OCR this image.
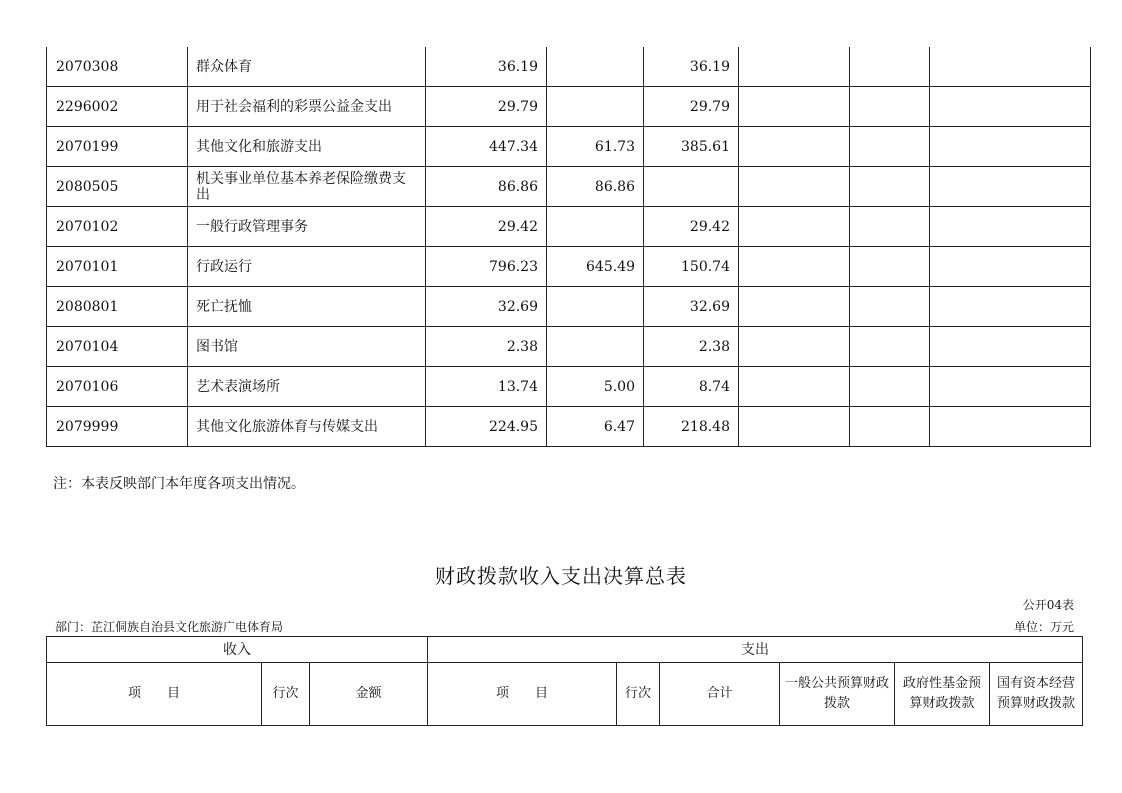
2070308	群众体育	36.19		36.19			
2296002	用于社会福利的彩票公益金支出	29.79		29.79			
2070199	其他文化和旅游支出	447.34	61.73	385.61			
2080505	机关事业单位基本养老保险缴费支出	86.86	86.86				
2070102	一般行政管理事务	29.42		29.42			
2070101	行政运行	796.23	645.49	150.74			
2080801	死亡抚恤	32.69		32.69			
2070104	图书馆	2.38		2.38			
2070106	艺术表演场所	13.74	5.00	8.74			
2079999	其他文化旅游体育与传媒支出	224.95	6.47	218.48			
注：本表反映部门本年度各项支出情况。
财政拨款收入支出决算总表
公开04表
部门：芷江侗族自治县文化旅游广电体育局	单位：万元
收入			支出					
项　　目	行次	金额	项　　目	行次	合计	一般公共预算财政拨款	政府性基金预算财政拨款	国有资本经营预算财政拨款
